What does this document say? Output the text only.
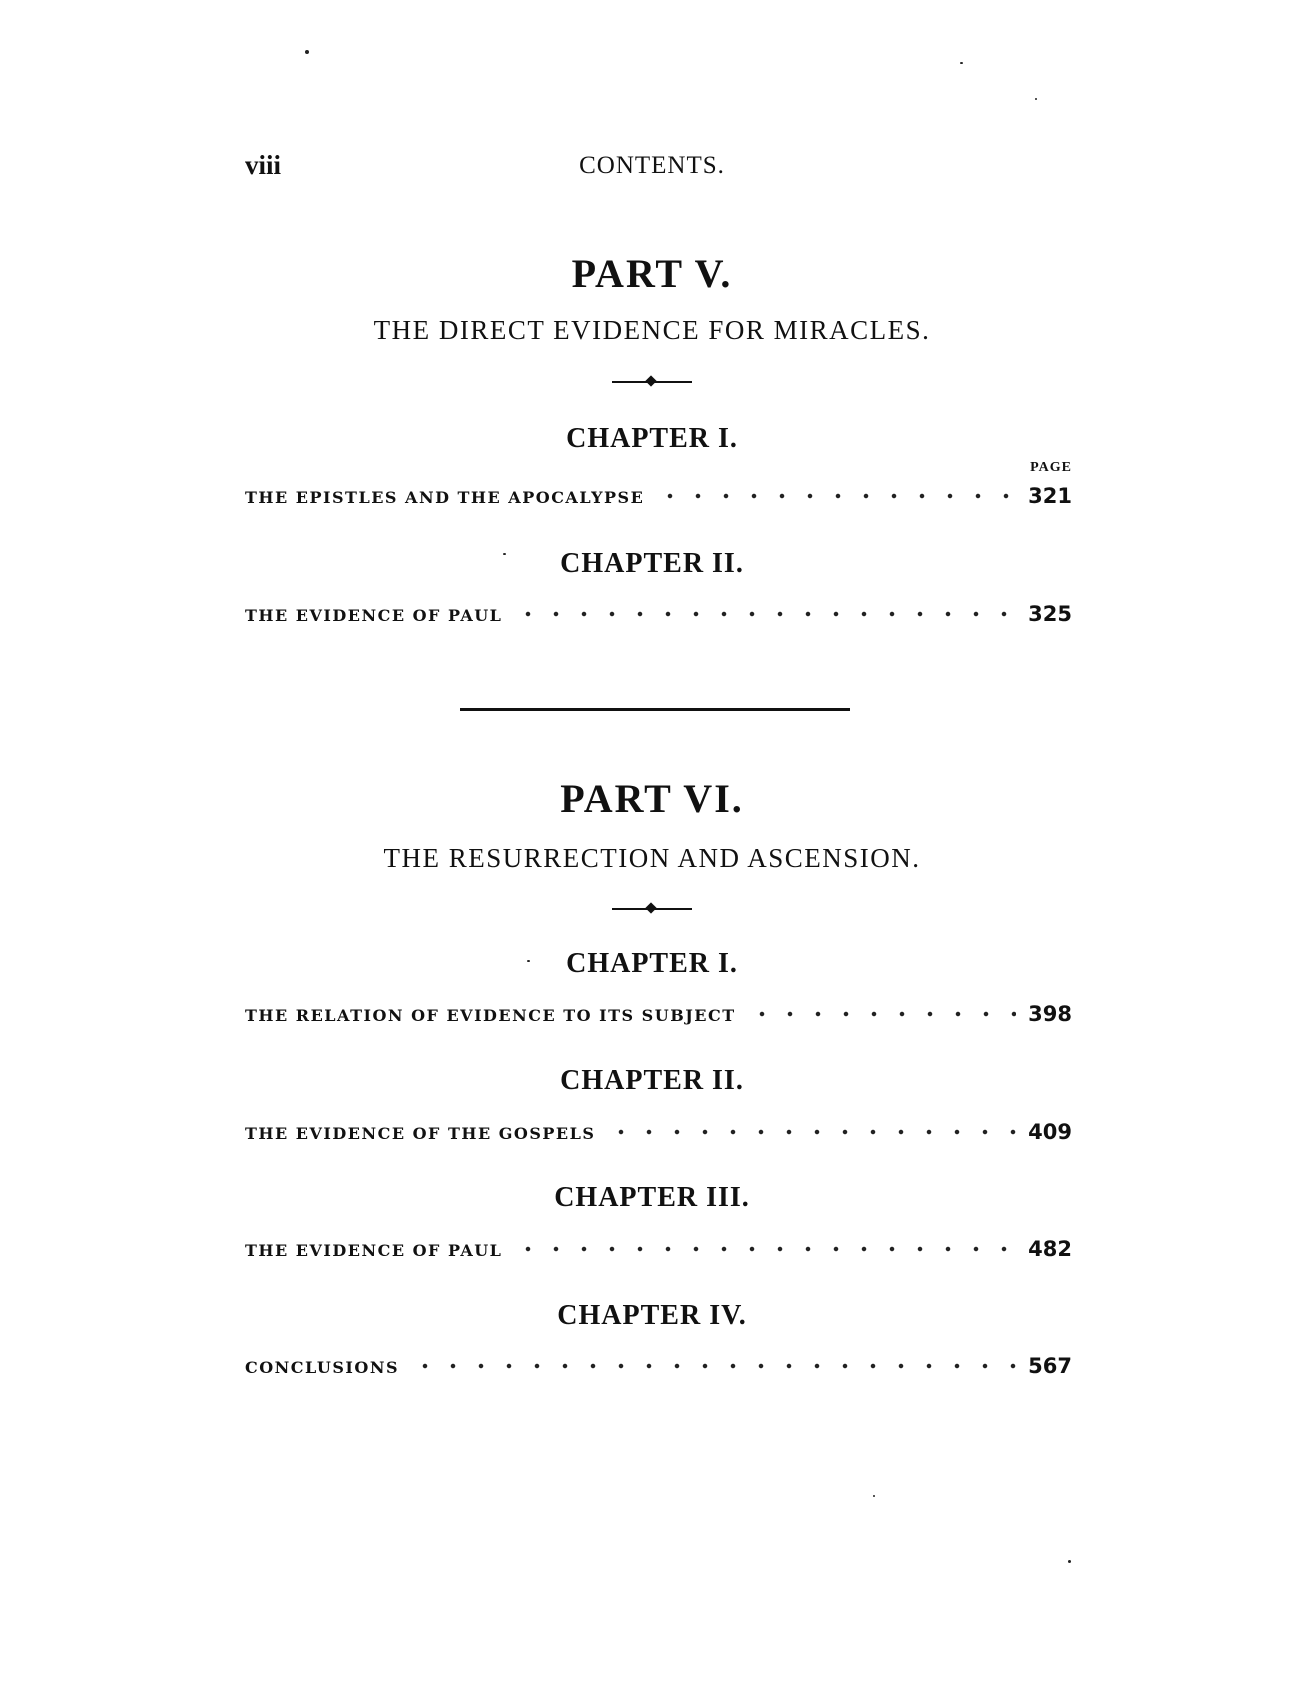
viii	CONTENTS.
PART V.
THE DIRECT EVIDENCE FOR MIRACLES.
CHAPTER I.
PAGE
THE EPISTLES AND THE APOCALYPSE	321
CHAPTER II.
THE EVIDENCE OF PAUL	325
PART VI.
THE RESURRECTION AND ASCENSION.
CHAPTER I.
THE RELATION OF EVIDENCE TO ITS SUBJECT	398
CHAPTER II.
THE EVIDENCE OF THE GOSPELS	409
CHAPTER III.
THE EVIDENCE OF PAUL	482
CHAPTER IV.
CONCLUSIONS	567
